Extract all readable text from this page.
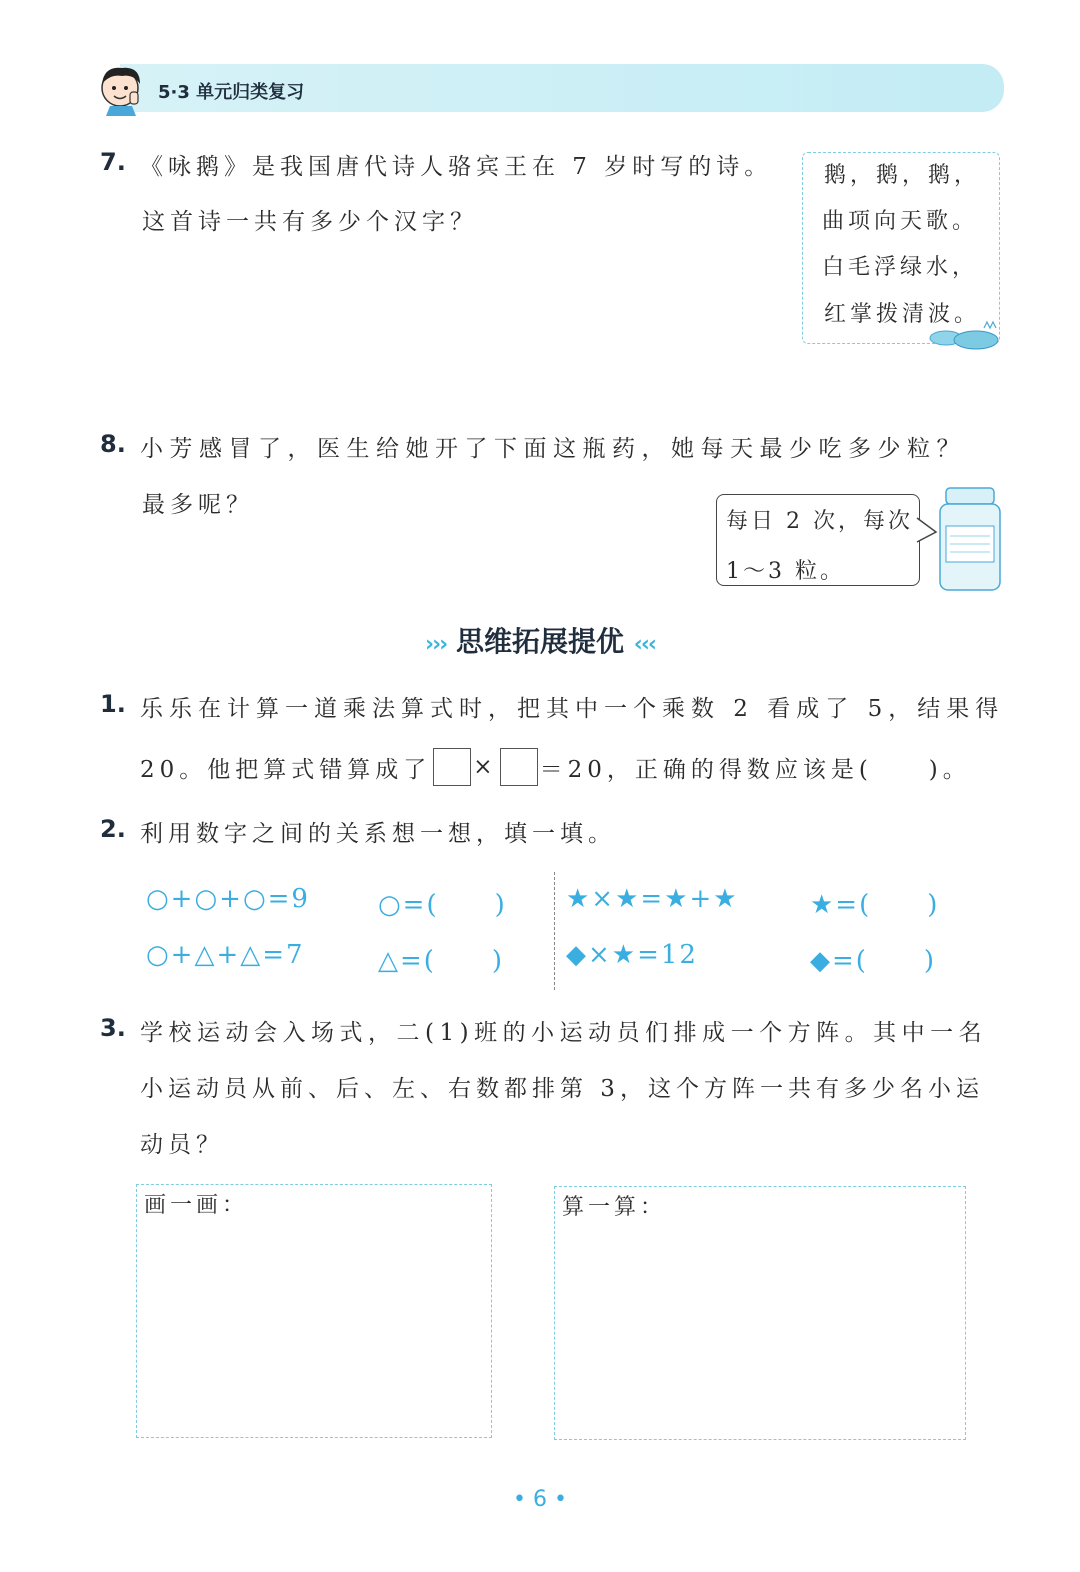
5·3 单元归类复习
7. 《咏鹅》是我国唐代诗人骆宾王在 7 岁时写的诗。
这首诗一共有多少个汉字？
鹅，鹅，鹅，
曲项向天歌。
白毛浮绿水，
红掌拨清波。
8. 小芳感冒了，医生给她开了下面这瓶药，她每天最少吃多少粒？
最多呢？
每日 2 次，每次
1～3 粒。
››› 思维拓展提优 ‹‹‹
1. 乐乐在计算一道乘法算式时，把其中一个乘数 2 看成了 5，结果得
20。他把算式错算成了 × ＝20，正确的得数应该是(　　)。
2. 利用数字之间的关系想一想，填一填。
○+○+○=9	○=(　　)
○+△+△=7	△=(　　)
★×★=★+★	★=(　　)
◆×★=12	◆=(　　)
3. 学校运动会入场式，二(1)班的小运动员们排成一个方阵。其中一名
小运动员从前、后、左、右数都排第 3，这个方阵一共有多少名小运
动员？
画一画：	算一算：
• 6 •
